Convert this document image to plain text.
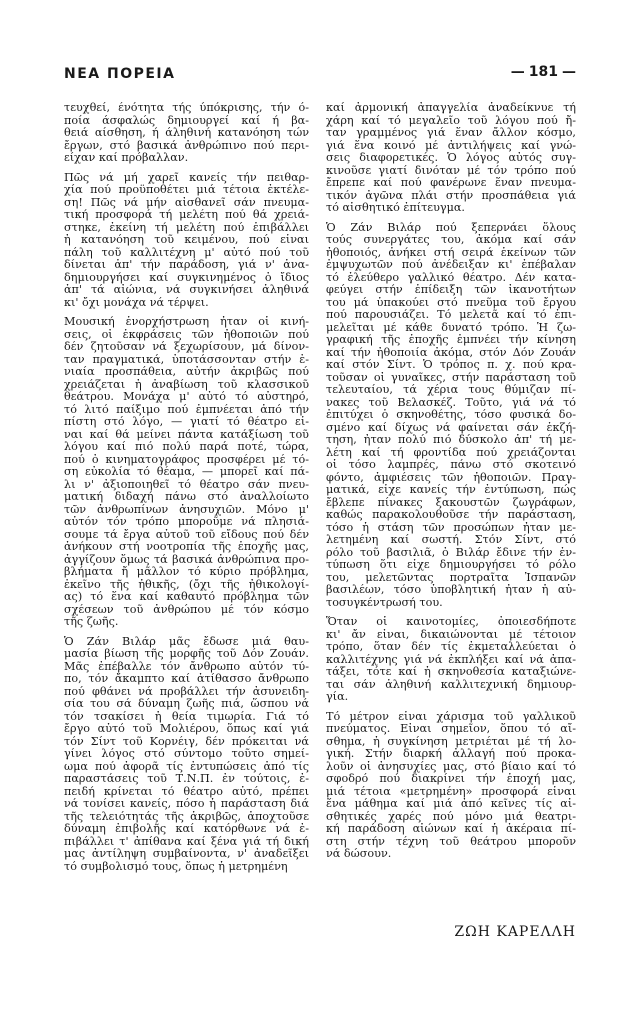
ΝΕΑ ΠΟΡΕΙΑ
—	181 —
τευχθεί, ένότητα τής ύπόκρισης, τήν ό-
ποία άσφαλώς δημιουργεί καί ή βα-
θειά αίσθηση, ή άληθινή κατανόηση τών
ἔργων, στό βασικά ἀνθρώπινο πού περι-
είχαν καί πρόβαλλαν.
Πῶς νά μή χαρεῖ κανείς τήν πειθαρ-
χία πού προϋποθέτει μιά τέτοια ἐκτέλε-
ση! Πῶς νά μήν αἰσθανεῖ σάν πνευμα-
τική προσφορά τή μελέτη πού θά χρειά-
στηκε, ἐκείνη τή μελέτη πού ἐπιβάλλει
ἡ κατανόηση τοῦ κειμένου, πού εἶναι
πάλη τοῦ καλλιτέχνη μ' αὐτό πού τοῦ
δίνεται ἀπ' τήν παράδοση, γιά ν' ἀνα-
δημιουργήσει καί συγκινημένος ὁ ἴδιος
ἀπ' τά αἰώνια, νά συγκινήσει ἀληθινά
κι' ὄχι μονάχα νά τέρψει.
Μουσική ἐνορχήστρωση ἦταν οἱ κινή-
σεις, οἱ ἐκφράσεις τῶν ἠθοποιῶν πού
δέν ζητοῦσαν νά ξεχωρίσουν, μά δίνον-
ταν πραγματικά, ὑποτάσσονταν στήν ἑ-
νιαία προσπάθεια, αὐτήν ἀκριβῶς πού
χρειάζεται ἡ ἀναβίωση τοῦ κλασσικοῦ
θεάτρου. Μονάχα μ' αὐτό τό αὐστηρό,
τό λιτό παίξιμο πού ἐμπνέεται ἀπό τήν
πίστη στό λόγο, — γιατί τό θέατρο εἶ-
ναι καί θά μείνει πάντα κατάξίωση τοῦ
λόγου καί πιό πολύ παρά ποτέ, τώρα,
πού ὁ κινηματογράφος προσφέρει μέ τό-
ση εὐκολία τό θέαμα, — μπορεῖ καί πά-
λι ν' ἀξιοποιηθεῖ τό θέατρο σάν πνευ-
ματική διδαχή πάνω στό ἀναλλοίωτο
τῶν ἀνθρωπίνων ἀνησυχιῶν. Μόνο μ'
αὐτόν τόν τρόπο μποροῦμε νά πλησιά-
σουμε τά ἔργα αὐτοῦ τοῦ εἴδους πού δέν
ἀνήκουν στή νοοτροπία τῆς ἐποχῆς μας,
ἀγγίζουν ὅμως τά βασικά ἀνθρώπινα προ-
βλήματα ἤ μᾶλλον τό κύριο πρόβλημα,
ἐκεῖνο τῆς ἠθικῆς, (ὄχι τῆς ἠθικολογί-
ας) τό ἕνα καί καθαυτό πρόβλημα τῶν
σχέσεων τοῦ ἀνθρώπου μέ τόν κόσμο
τῆς ζωῆς.
Ὁ Ζάν Βιλάρ μᾶς ἔδωσε μιά θαυ-
μασία βίωση τῆς μορφῆς τοῦ Δόν Ζουάν.
Μᾶς ἐπέβαλλε τόν ἄνθρωπο αὐτόν τύ-
πο, τόν ἄκαμπτο καί ἀτίθασσο ἄνθρωπο
πού φθάνει νά προβάλλει τήν ἀσυνειδη-
σία του σά δύναμη ζωῆς πιά, ὥσπου νά
τόν τσακίσει ἡ θεία τιμωρία. Γιά τό
ἔργο αὐτό τοῦ Μολιέρου, ὅπως καί γιά
τόν Σίντ τοῦ Κορνέιγ, δέν πρόκειται νά
γίνει λόγος στό σύντομο τοῦτο σημεί-
ωμα πού ἀφορᾶ τίς ἐντυπώσεις ἀπό τίς
παραστάσεις τοῦ Τ.Ν.Π. ἐν τούτοις, ἐ-
πειδή κρίνεται τό θέατρο αὐτό, πρέπει
νά τονίσει κανείς, πόσο ἡ παράσταση διά
τῆς τελειότητάς τῆς ἀκριβῶς, ἀποχτοῦσε
δύναμη ἐπιβολῆς καί κατόρθωνε νά ἐ-
πιβάλλει τ' ἀπίθανα καί ξένα γιά τή δική
μας ἀντίληψη συμβαίνοντα, ν' ἀναδεῖξει
τό συμβολισμό τους, ὅπως ἡ μετρημένη
καί ἁρμονική ἀπαγγελία ἀναδείκνυε τή
χάρη καί τό μεγαλεῖο τοῦ λόγου πού ἤ-
ταν γραμμένος γιά ἕναν ἄλλον κόσμο,
γιά ἕνα κοινό μέ ἀντιλήψεις καί γνώ-
σεις διαφορετικές. Ὁ λόγος αὐτός συγ-
κινοῦσε γιατί δινόταν μέ τόν τρόπο πού
ἔπρεπε καί πού φανέρωνε ἕναν πνευμα-
τικόν ἀγῶνα πλάι στήν προσπάθεια γιά
τό αἰσθητικό ἐπίτευγμα.
Ὁ Ζάν Βιλάρ πού ξεπερνάει ὅλους
τούς συνεργάτες του, ἀκόμα καί σάν
ἠθοποιός, ἀνήκει στή σειρά ἐκείνων τῶν
ἐμψυχωτῶν πού ἀνέδειξαν κι' ἐπέβαλαν
τό ἐλεύθερο γαλλικό θέατρο. Δέν κατα-
φεύγει στήν ἐπίδειξη τῶν ἱκανοτήτων
του μά ὑπακούει στό πνεῦμα τοῦ ἔργου
πού παρουσιάζει. Τό μελετᾶ καί τό ἐπι-
μελεῖται μέ κάθε δυνατό τρόπο. Ἡ ζω-
γραφική τῆς ἐποχῆς ἐμπνέει τήν κίνηση
καί τήν ἠθοποιία ἀκόμα, στόν Δόν Ζουάν
καί στόν Σίντ. Ὁ τρόπος π. χ. πού κρα-
τοῦσαν οἱ γυναῖκες, στήν παράσταση τοῦ
τελευταίου, τά χέρια τους θύμιζαν πί-
νακες τοῦ Βελασκέζ. Τοῦτο, γιά νά τό
ἐπιτύχει ὁ σκηνοθέτης, τόσο φυσικά δο-
σμένο καί δίχως νά φαίνεται σάν ἐκζή-
τηση, ἦταν πολύ πιό δύσκολο ἀπ' τή με-
λέτη καί τή φροντίδα πού χρειάζονται
οἱ τόσο λαμπρές, πάνω στό σκοτεινό
φόντο, ἀμφιέσεις τῶν ἠθοποιῶν. Πραγ-
ματικά, εἶχε κανείς τήν ἐντύπωση, πώς
ἔβλεπε πίνακες ξακουστῶν ζωγράφων,
καθώς παρακολουθοῦσε τήν παράσταση,
τόσο ἡ στάση τῶν προσώπων ἦταν με-
λετημένη καί σωστή. Στόν Σίντ, στό
ρόλο τοῦ βασιλιᾶ, ὁ Βιλάρ ἔδινε τήν ἐν-
τύπωση ὅτι εἶχε δημιουργήσει τό ρόλο
του, μελετῶντας πορτραῖτα Ἰσπανῶν
βασιλέων, τόσο ὑποβλητική ἦταν ἡ αὐ-
τοσυγκέντρωσή του.
Ὅταν οἱ καινοτομίες, ὁποιεσδήποτε
κι' ἄν εἶναι, δικαιώνονται μέ τέτοιον
τρόπο, ὅταν δέν τίς ἐκμεταλλεύεται ὁ
καλλιτέχνης γιά νά ἐκπλήξει καί νά ἀπα-
τάξει, τότε καί ἡ σκηνοθεσία καταξιώνε-
ται σάν ἀληθινή καλλιτεχνική δημιουρ-
γία.
Τό μέτρον εἶναι χάρισμα τοῦ γαλλικοῦ
πνεύματος. Εἶναι σημεῖον, ὅπου τό αἴ-
σθημα, ἡ συγκίνηση μετριέται μέ τή λο-
γική. Στήν διαρκή ἀλλαγή πού προκα-
λοῦν οἱ ἀνησυχίες μας, στό βίαιο καί τό
σφοδρό πού διακρίνει τήν ἐποχή μας,
μιά τέτοια «μετρημένη» προσφορά εἶναι
ἕνα μάθημα καί μιά ἀπό κεῖνες τίς αἰ-
σθητικές χαρές πού μόνο μιά θεατρι-
κή παράδοση αἰώνων καί ἡ ἀκέραια πί-
στη στήν τέχνη τοῦ θεάτρου μποροῦν
νά δώσουν.
ΖΩΗ ΚΑΡΕΛΛΗ
